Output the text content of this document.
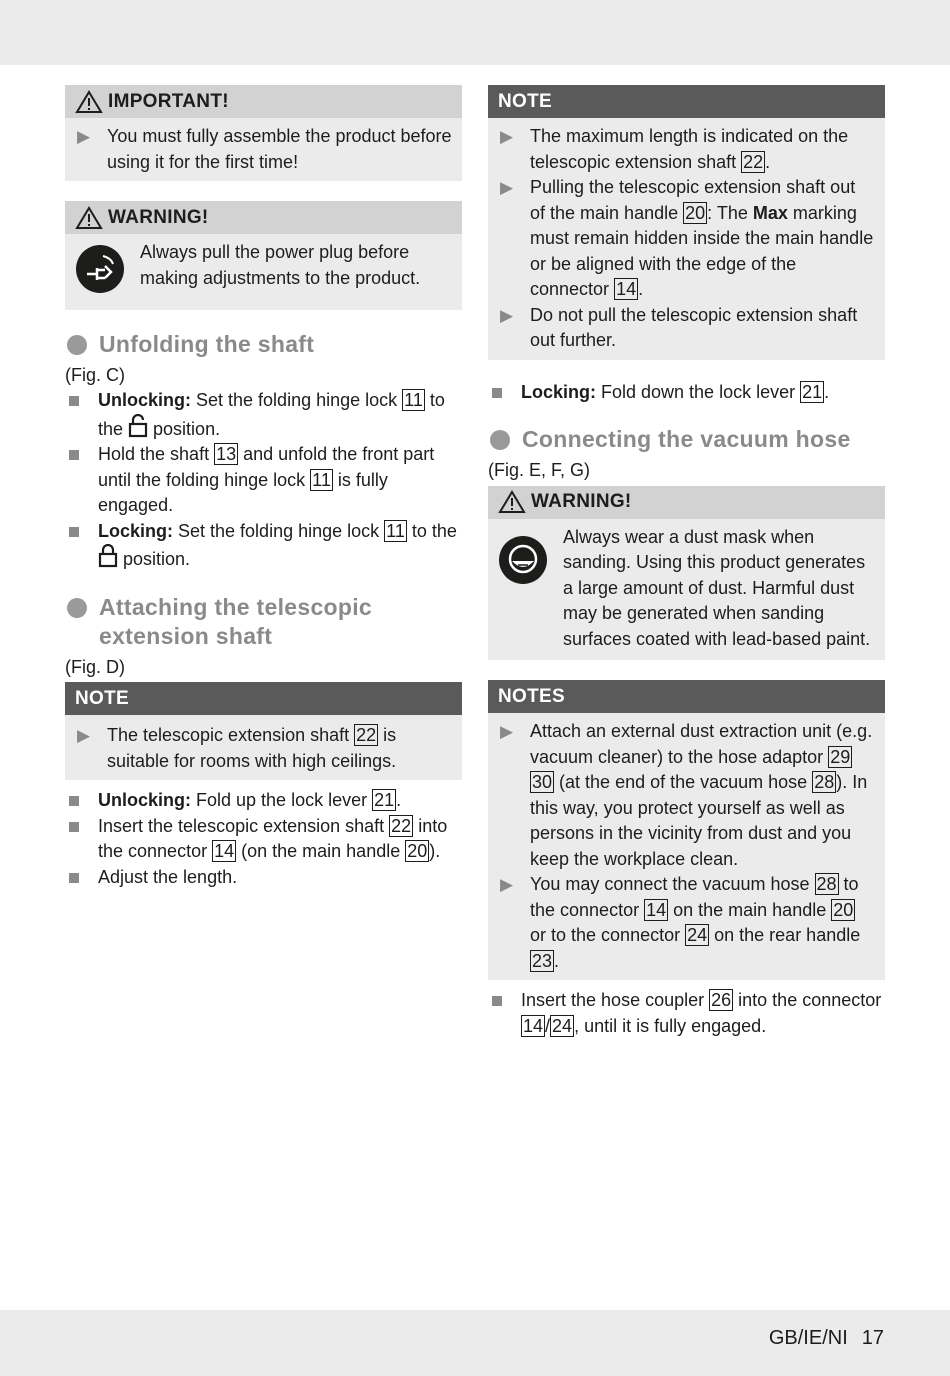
IMPORTANT!
▶ You must fully assemble the product before using it for the first time!
WARNING!
Always pull the power plug before making adjustments to the product.
Unfolding the shaft
(Fig. C)
Unlocking: Set the folding hinge lock 11 to the  position.
Hold the shaft 13 and unfold the front part until the folding hinge lock 11 is fully engaged.
Locking: Set the folding hinge lock 11 to the  position.
Attaching the telescopic extension shaft
(Fig. D)
NOTE
▶ The telescopic extension shaft 22 is suitable for rooms with high ceilings.
Unlocking: Fold up the lock lever 21 .
Insert the telescopic extension shaft 22 into the connector 14 (on the main handle 20 ).
Adjust the length.
NOTE
▶ The maximum length is indicated on the telescopic extension shaft 22 .
▶ Pulling the telescopic extension shaft out of the main handle 20 : The Max marking must remain hidden inside the main handle or be aligned with the edge of the connector 14 .
▶ Do not pull the telescopic extension shaft out further.
Locking: Fold down the lock lever 21 .
Connecting the vacuum hose
(Fig. E, F, G)
WARNING!
Always wear a dust mask when sanding. Using this product generates a large amount of dust. Harmful dust may be generated when sanding surfaces coated with lead-based paint.
NOTES
▶ Attach an external dust extraction unit (e.g. vacuum cleaner) to the hose adaptor 29 30 (at the end of the vacuum hose 28 ). In this way, you protect yourself as well as persons in the vicinity from dust and you keep the workplace clean.
▶ You may connect the vacuum hose 28 to the connector 14 on the main handle 20 or to the connector 24 on the rear handle 23 .
Insert the hose coupler 26 into the connector 14 / 24 , until it is fully engaged.
GB/IE/NI 17
